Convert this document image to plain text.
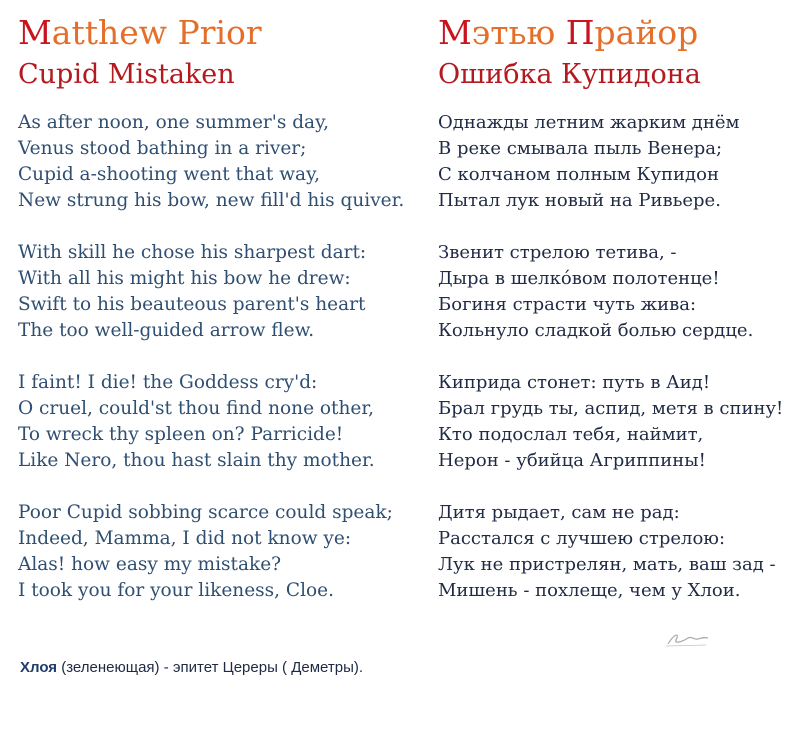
Matthew Prior
Cupid Mistaken
As after noon, one summer's day,
Venus stood bathing in a river;
Cupid a-shooting went that way,
New strung his bow, new fill'd his quiver.
With skill he chose his sharpest dart:
With all his might his bow he drew:
Swift to his beauteous parent's heart
The too well-guided arrow flew.
I faint! I die! the Goddess cry'd:
O cruel, could'st thou find none other,
To wreck thy spleen on? Parricide!
Like Nero, thou hast slain thy mother.
Poor Cupid sobbing scarce could speak;
Indeed, Mamma, I did not know ye:
Alas! how easy my mistake?
I took you for your likeness, Cloe.
Мэтью Прайор
Ошибка Купидона
Однажды летним жарким днём
В реке смывала пыль Венера;
С колчаном полным Купидон
Пытал лук новый на Ривьере.
Звенит стрелою тетива, -
Дыра в шелко́вом полотенце!
Богиня страсти чуть жива:
Кольнуло сладкой болью сердце.
Киприда стонет: путь в Аид!
Брал грудь ты, аспид, метя в спину!
Кто подослал тебя, наймит,
Нерон - убийца Агриппины!
Дитя рыдает, сам не рад:
Расстался с лучшею стрелою:
Лук не пристрелян, мать, ваш зад -
Мишень - похлеще, чем у Хлои.
Хлоя (зеленеющая) - эпитет Цереры ( Деметры).
